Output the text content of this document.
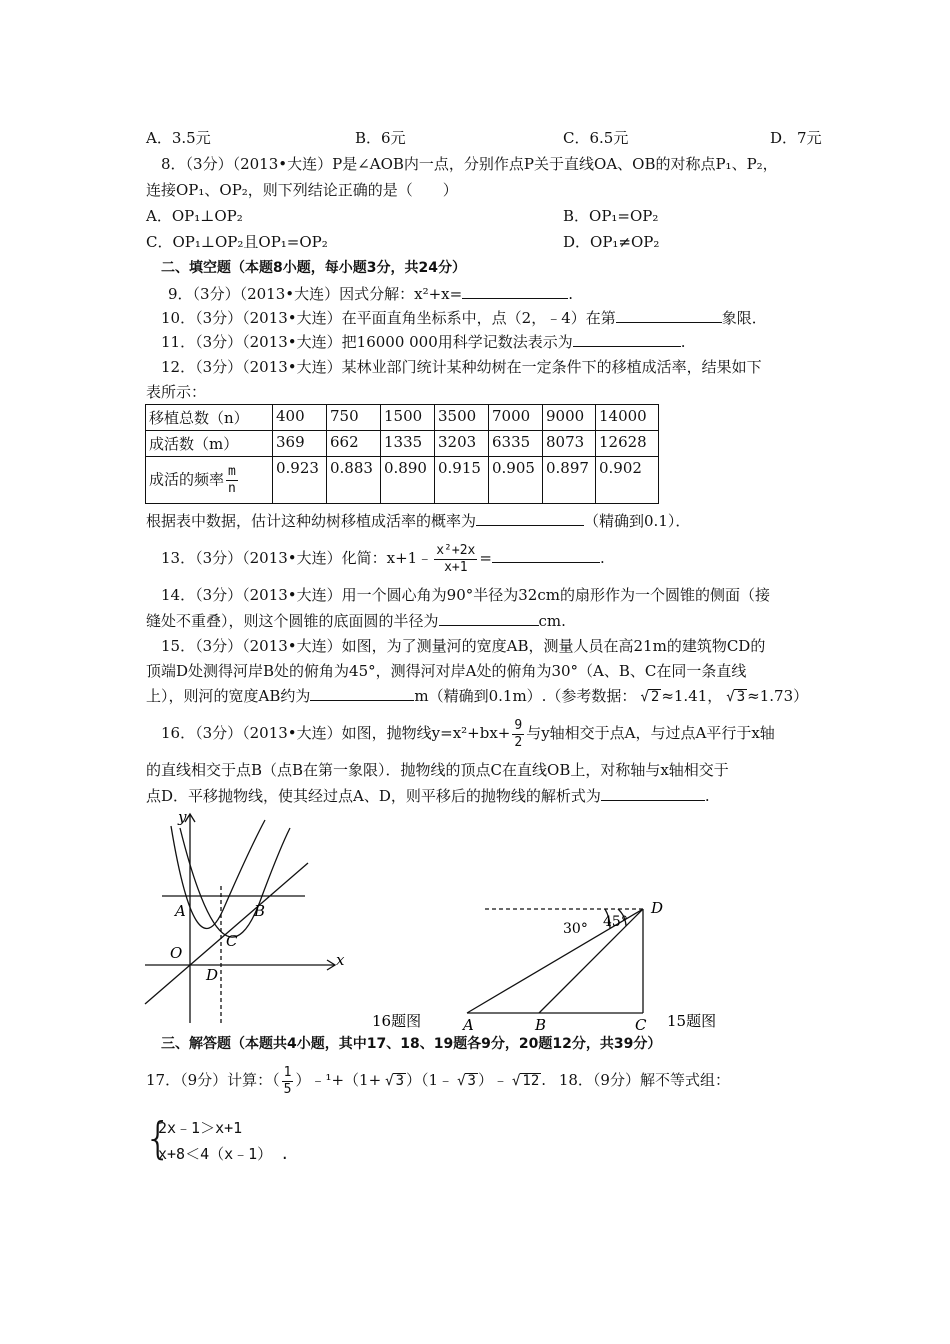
A．3.5元	B．6元	C．6.5元	D．7元
8．（3分）（2013•大连）P是∠AOB内一点，分别作点P关于直线OA、OB的对称点P₁、P₂，
连接OP₁、OP₂，则下列结论正确的是（　　）
A．OP₁⊥OP₂	B．OP₁=OP₂
C．OP₁⊥OP₂且OP₁=OP₂	D．OP₁≠OP₂
二、填空题（本题8小题，每小题3分，共24分）
9．（3分）（2013•大连）因式分解：x²+x=	.
10．（3分）（2013•大连）在平面直角坐标系中，点（2，﹣4）在第	象限．
11．（3分）（2013•大连）把16000 000用科学记数法表示为	.
12．（3分）（2013•大连）某林业部门统计某种幼树在一定条件下的移植成活率，结果如下
表所示：
移植总数（n）	400	750	1500	3500	7000	9000	14000
成活数（m）	369	662	1335	3203	6335	8073	12628
成活的频率 $\frac{m}{n}$	0.923	0.883	0.890	0.915	0.905	0.897	0.902
根据表中数据，估计这种幼树移植成活率的概率为	（精确到0.1）．
13．（3分）（2013•大连）化简：x+1﹣ $\frac{\text{x²+2x}}{x+1}$ =	.
14．（3分）（2013•大连）用一个圆心角为90°半径为32cm的扇形作为一个圆锥的侧面（接
缝处不重叠），则这个圆锥的底面圆的半径为	cm.
15．（3分）（2013•大连）如图，为了测量河的宽度AB，测量人员在高21m的建筑物CD的
顶端D处测得河岸B处的俯角为45°，测得河对岸A处的俯角为30°（A、B、C在同一条直线
上），则河的宽度AB约为	m（精确到0.1m）.（参考数据： √ 2 ≈1.41， √ 3 ≈1.73）
16．（3分）（2013•大连）如图，抛物线$y=x^2+bx+ \frac{9}{2}$ 与y轴相交于点A，与过点A平行于x轴
的直线相交于点B（点B在第一象限）．抛物线的顶点C在直线OB上，对称轴与x轴相交于
点D．平移抛物线，使其经过点A、D，则平移后的抛物线的解析式为	.
y
x
A	B
C
O
D
16题图
D
A	B	C
30° 45°
15题图
三、解答题（本题共4小题，其中17、18、19题各9分，20题12分，共39分）
17．（9分）计算：（ $\frac{1}{5}$ ）﹣¹+（1+ √ 3 ）（1﹣ √ 3 ）﹣ √ 12 . 18．（9分）解不等式组：
{
2x﹣1＞x+1
x+8＜4（x﹣1） .
